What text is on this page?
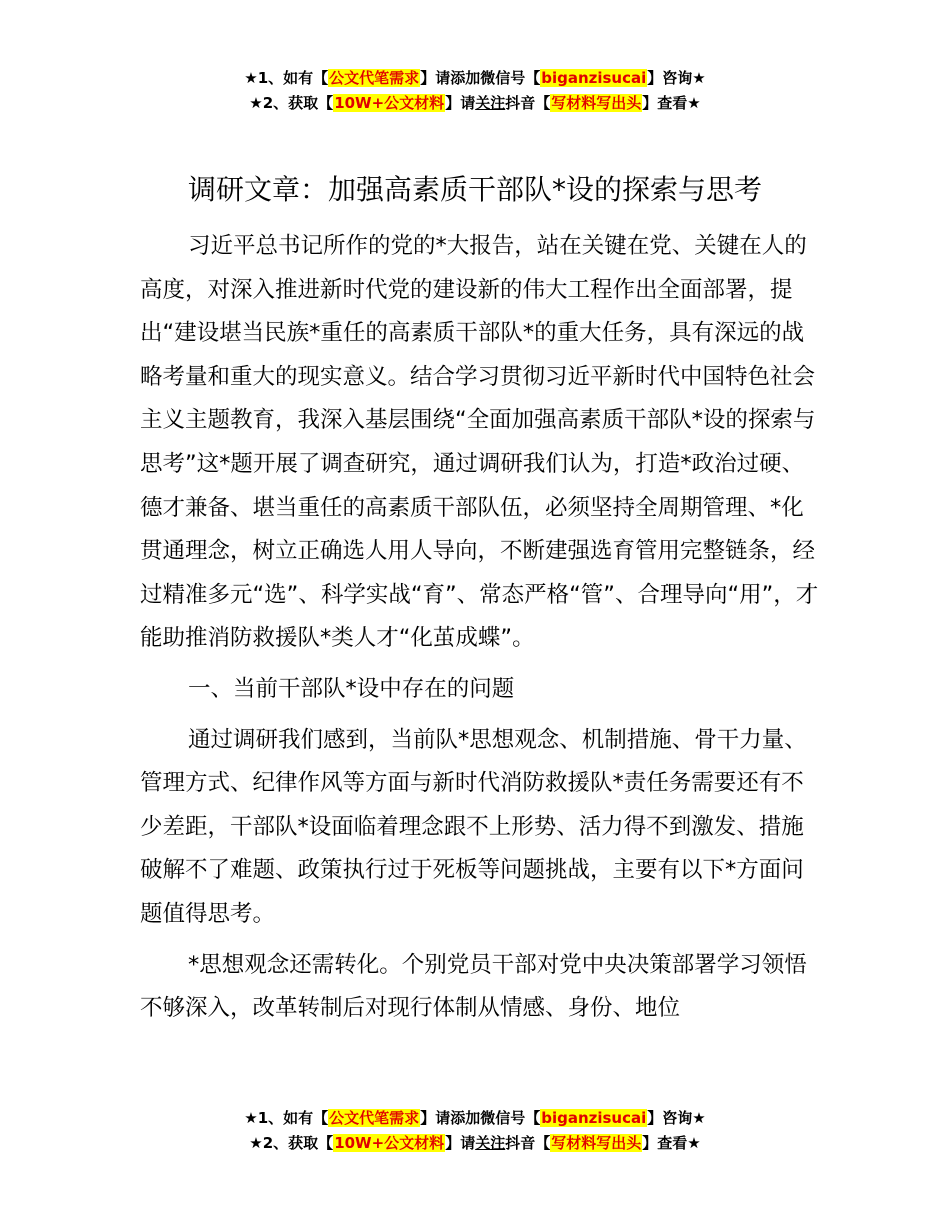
★1、如有【公文代笔需求】请添加微信号【biganzisucai】咨询★
★2、获取【10W+公文材料】请关注抖音【写材料写出头】查看★
调研文章：加强高素质干部队*设的探索与思考

习近平总书记所作的党的*大报告，站在关键在党、关键在人的高度，对深入推进新时代党的建设新的伟大工程作出全面部署，提出“建设堪当民族*重任的高素质干部队*的重大任务，具有深远的战略考量和重大的现实意义。结合学习贯彻习近平新时代中国特色社会主义主题教育，我深入基层围绕“全面加强高素质干部队*设的探索与思考”这*题开展了调查研究，通过调研我们认为，打造*政治过硬、德才兼备、堪当重任的高素质干部队伍，必须坚持全周期管理、*化贯通理念，树立正确选人用人导向，不断建强选育管用完整链条，经过精准多元“选”、科学实战“育”、常态严格“管”、合理导向“用”，才能助推消防救援队*类人才“化茧成蝶”。

一、当前干部队*设中存在的问题

通过调研我们感到，当前队*思想观念、机制措施、骨干力量、管理方式、纪律作风等方面与新时代消防救援队*责任务需要还有不少差距，干部队*设面临着理念跟不上形势、活力得不到激发、措施破解不了难题、政策执行过于死板等问题挑战，主要有以下*方面问题值得思考。

*思想观念还需转化。个别党员干部对党中央决策部署学习领悟不够深入，改革转制后对现行体制从情感、身份、地位

★1、如有【公文代笔需求】请添加微信号【biganzisucai】咨询★
★2、获取【10W+公文材料】请关注抖音【写材料写出头】查看★
